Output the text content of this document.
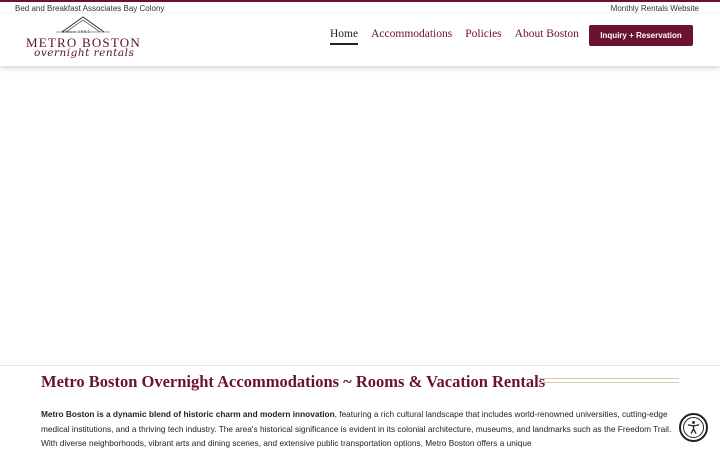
Bed and Breakfast Associates Bay Colony	Monthly Rentals Website
Since 1981
METRO BOSTON
overnight rentals
Home Accommodations Policies About Boston	Inquiry + Reservation
Metro Boston Overnight Accommodations ~ Rooms & Vacation Rentals

Metro Boston is a dynamic blend of historic charm and modern innovation, featuring a rich cultural landscape that includes world-renowned universities, cutting-edge medical institutions, and a thriving tech industry. The area's historical significance is evident in its colonial architecture, museums, and landmarks such as the Freedom Trail. With diverse neighborhoods, vibrant arts and dining scenes, and extensive public transportation options, Metro Boston offers a unique
